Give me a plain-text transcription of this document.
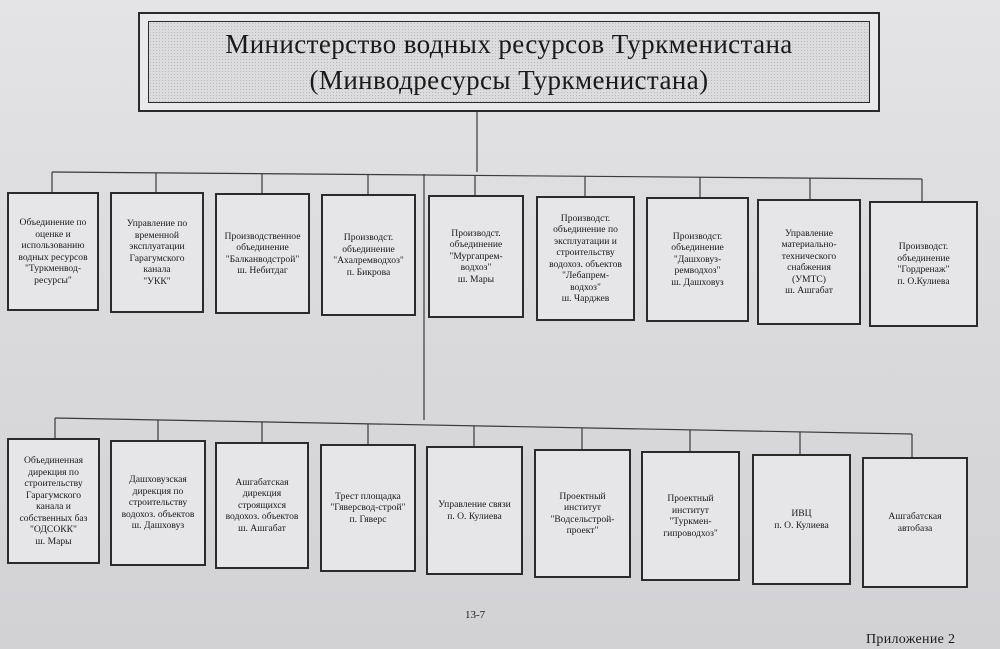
Министерство водных ресурсов Туркменистана
(Минводресурсы Туркменистана)
Объединение по
оценке и
использованию
водных ресурсов
"Туркменвод-
ресурсы"
Управление по
временной
эксплуатации
Гарагумского
канала
"УКК"
Производственное
объединение
"Балканводстрой"
ш. Небитдаг
Производст.
объединение
"Ахалремводхоз"
п. Бикрова
Производст.
объединение
"Мургапрем-
водхоз"
ш. Мары
Производст.
объединение по
эксплуатации и
строительству
водохоз. объектов
"Лебапрем-
водхоз"
ш. Чарджев
Производст.
объединение
"Дашховуз-
ремводхоз"
ш. Дашховуз
Управление
материально-
технического
снабжения
(УМТС)
ш. Ашгабат
Производст.
объединение
"Гордренаж"
п. О.Кулиева
Объединенная
дирекция по
строительству
Гарагумского
канала и
собственных баз
"ОДСОКК"
ш. Мары
Дашховузская
дирекция по
строительству
водохоз. объектов
ш. Дашховуз
Ашгабатская
дирекция
строящихся
водохоз. объектов
ш. Ашгабат
Трест площадка
"Гяверсвод-строй"
п. Гяверс
Управление связи
п. О. Кулиева
Проектный
институт
"Водсельстрой-
проект"
Проектный
институт
"Туркмен-
гипроводхоз"
ИВЦ
п. О. Кулиева
Ашгабатская
автобаза
13-7
Приложение 2
